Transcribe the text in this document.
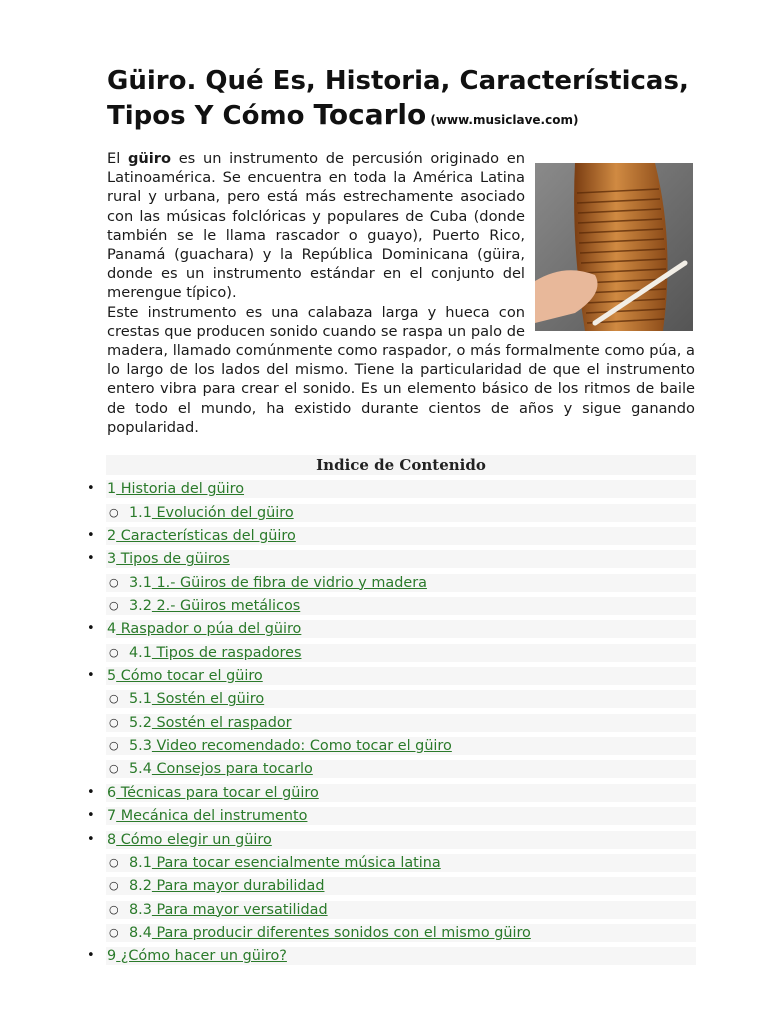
Güiro. Qué Es, Historia, Características,
Tipos Y Cómo Tocarlo (www.musiclave.com)

El güiro es un instrumento de percusión originado en Latinoamérica. Se encuentra en toda la América Latina rural y urbana, pero está más estrechamente asociado con las músicas folclóricas y populares de Cuba (donde también se le llama rascador o guayo), Puerto Rico, Panamá (guachara) y la República Dominicana (güira, donde es un instrumento estándar en el conjunto del merengue típico).

Este instrumento es una calabaza larga y hueca con crestas que producen sonido cuando se raspa un palo de madera, llamado comúnmente como raspador, o más formalmente como púa, a lo largo de los lados del mismo. Tiene la particularidad de que el instrumento entero vibra para crear el sonido. Es un elemento básico de los ritmos de baile de todo el mundo, ha existido durante cientos de años y sigue ganando popularidad.

Indice de Contenido
• 1 Historia del güiro
○ 1.1 Evolución del güiro
• 2 Características del güiro
• 3 Tipos de güiros
○ 3.1 1.- Güiros de fibra de vidrio y madera
○ 3.2 2.- Güiros metálicos
• 4 Raspador o púa del güiro
○ 4.1 Tipos de raspadores
• 5 Cómo tocar el güiro
○ 5.1 Sostén el güiro
○ 5.2 Sostén el raspador
○ 5.3 Video recomendado: Como tocar el güiro
○ 5.4 Consejos para tocarlo
• 6 Técnicas para tocar el güiro
• 7 Mecánica del instrumento
• 8 Cómo elegir un güiro
○ 8.1 Para tocar esencialmente música latina
○ 8.2 Para mayor durabilidad
○ 8.3 Para mayor versatilidad
○ 8.4 Para producir diferentes sonidos con el mismo güiro
• 9 ¿Cómo hacer un güiro?
